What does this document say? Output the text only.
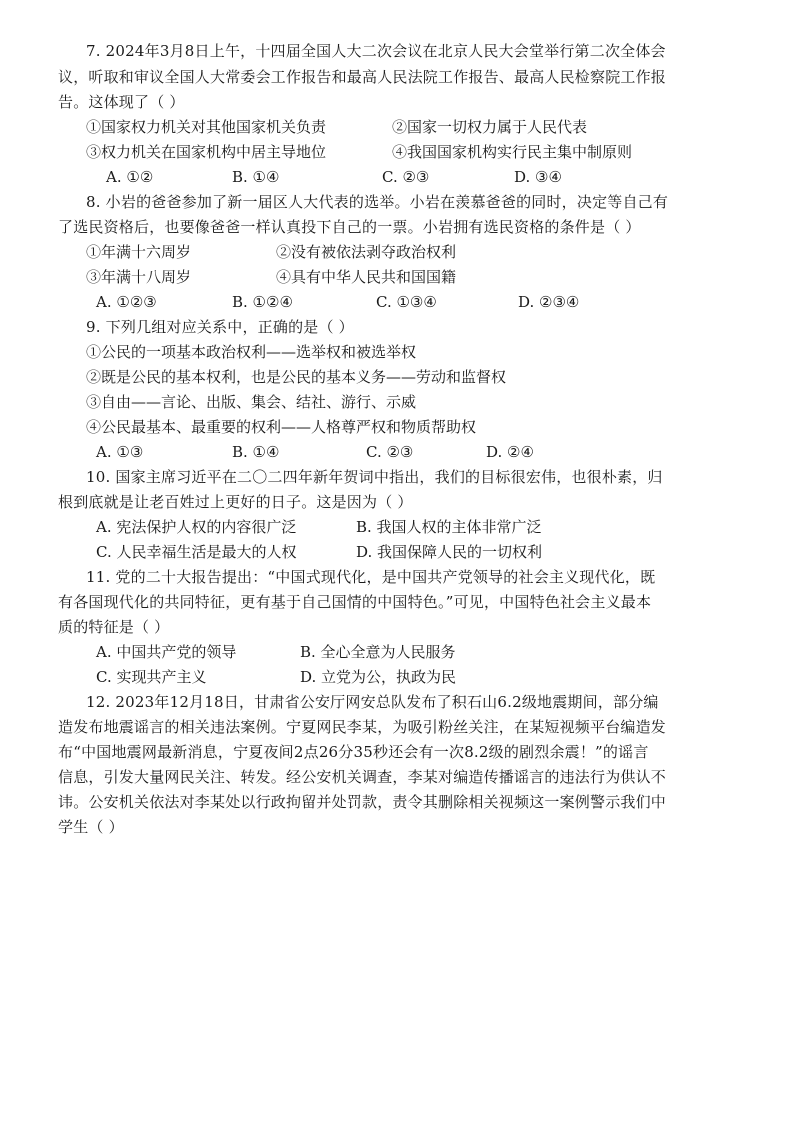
7. 2024年3月8日上午，十四届全国人大二次会议在北京人民大会堂举行第二次全体会
议，听取和审议全国人大常委会工作报告和最高人民法院工作报告、最高人民检察院工作报
告。这体现了（ ）
①国家权力机关对其他国家机关负责	②国家一切权力属于人民代表
③权力机关在国家机构中居主导地位	④我国国家机构实行民主集中制原则
A. ①②	B. ①④	C. ②③	D. ③④
8. 小岩的爸爸参加了新一届区人大代表的选举。小岩在羡慕爸爸的同时，决定等自己有
了选民资格后，也要像爸爸一样认真投下自己的一票。小岩拥有选民资格的条件是（ ）
①年满十六周岁	②没有被依法剥夺政治权利
③年满十八周岁	④具有中华人民共和国国籍
A. ①②③	B. ①②④	C. ①③④	D. ②③④
9. 下列几组对应关系中，正确的是（ ）
①公民的一项基本政治权利——选举权和被选举权
②既是公民的基本权利，也是公民的基本义务——劳动和监督权
③自由——言论、出版、集会、结社、游行、示威
④公民最基本、最重要的权利——人格尊严权和物质帮助权
A. ①③	B. ①④	C. ②③	D. ②④
10. 国家主席习近平在二〇二四年新年贺词中指出，我们的目标很宏伟，也很朴素，归
根到底就是让老百姓过上更好的日子。这是因为（ ）
A. 宪法保护人权的内容很广泛	B. 我国人权的主体非常广泛
C. 人民幸福生活是最大的人权	D. 我国保障人民的一切权利
11. 党的二十大报告提出：“中国式现代化，是中国共产党领导的社会主义现代化，既
有各国现代化的共同特征，更有基于自己国情的中国特色。”可见，中国特色社会主义最本
质的特征是（ ）
A. 中国共产党的领导	B. 全心全意为人民服务
C. 实现共产主义	D. 立党为公，执政为民
12. 2023年12月18日，甘肃省公安厅网安总队发布了积石山6.2级地震期间，部分编
造发布地震谣言的相关违法案例。宁夏网民李某，为吸引粉丝关注，在某短视频平台编造发
布“中国地震网最新消息，宁夏夜间2点26分35秒还会有一次8.2级的剧烈余震！”的谣言
信息，引发大量网民关注、转发。经公安机关调查，李某对编造传播谣言的违法行为供认不
讳。公安机关依法对李某处以行政拘留并处罚款，责令其删除相关视频这一案例警示我们中
学生（ ）
